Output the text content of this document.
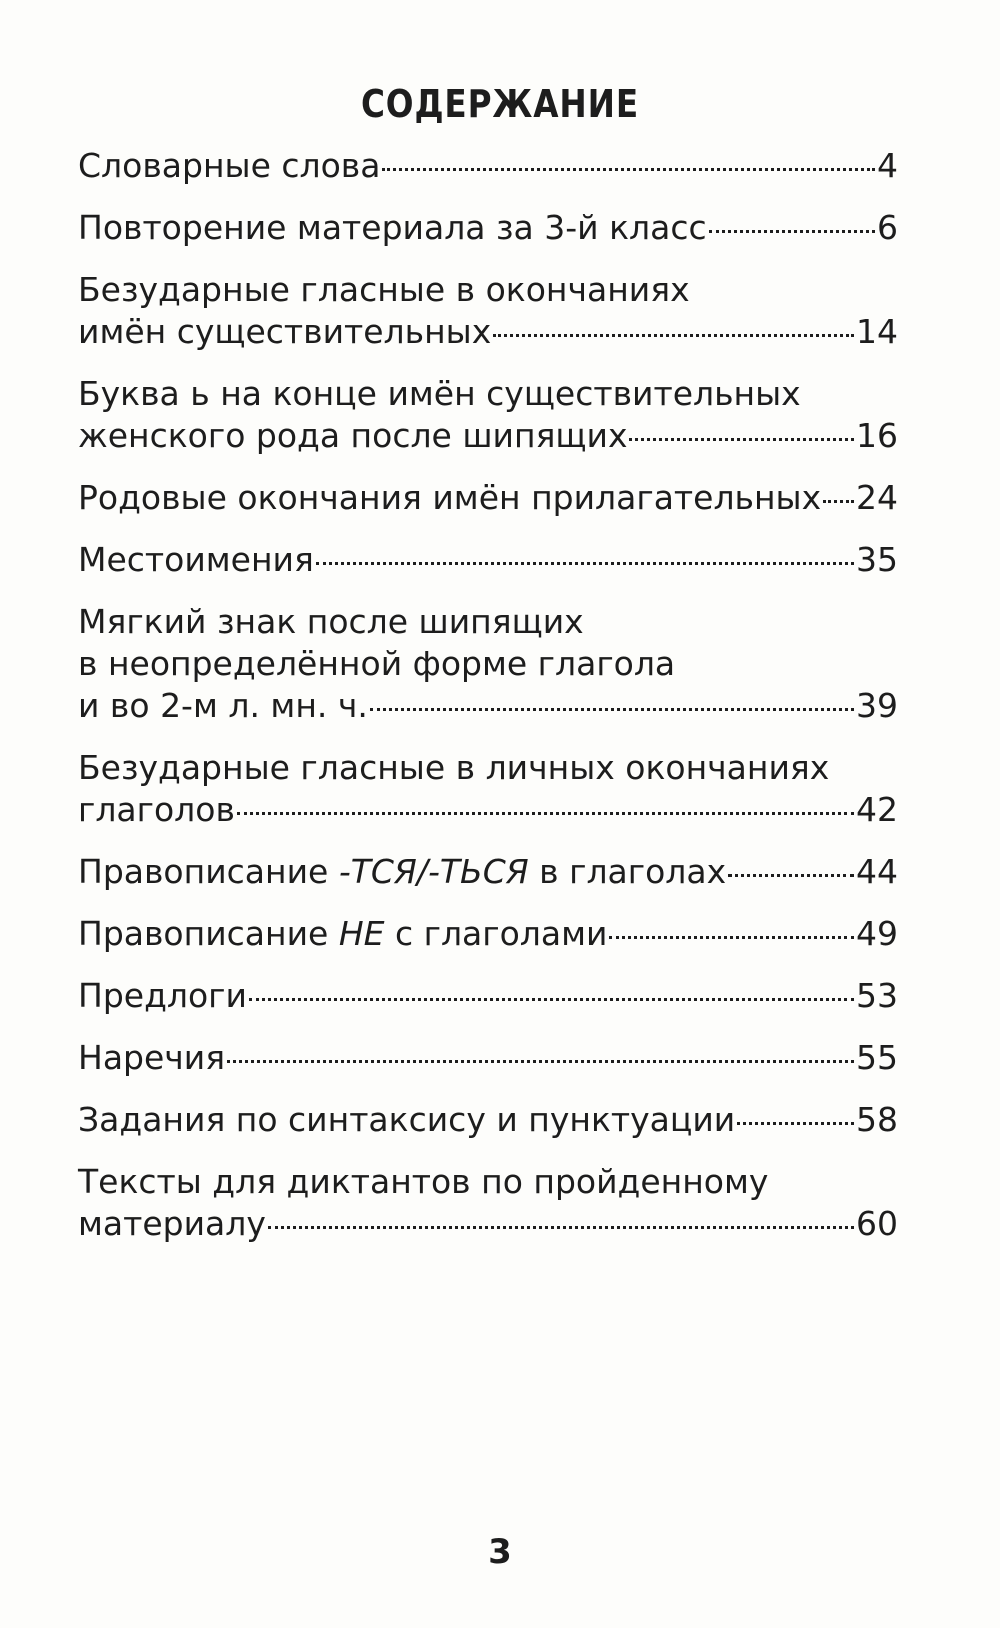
СОДЕРЖАНИЕ
Словарные слова	4
Повторение материала за 3-й класс	6
Безударные гласные в окончаниях
имён существительных	14
Буква ь на конце имён существительных
женского рода после шипящих	16
Родовые окончания имён прилагательных 24
Местоимения	35
Мягкий знак после шипящих
в неопределённой форме глагола
и во 2-м л. мн. ч.	39
Безударные гласные в личных окончаниях
глаголов	42
Правописание -ТСЯ/-ТЬСЯ в глаголах	44
Правописание НЕ с глаголами	49
Предлоги	53
Наречия	55
Задания по синтаксису и пунктуации	58
Тексты для диктантов по пройденному
материалу	60
3
